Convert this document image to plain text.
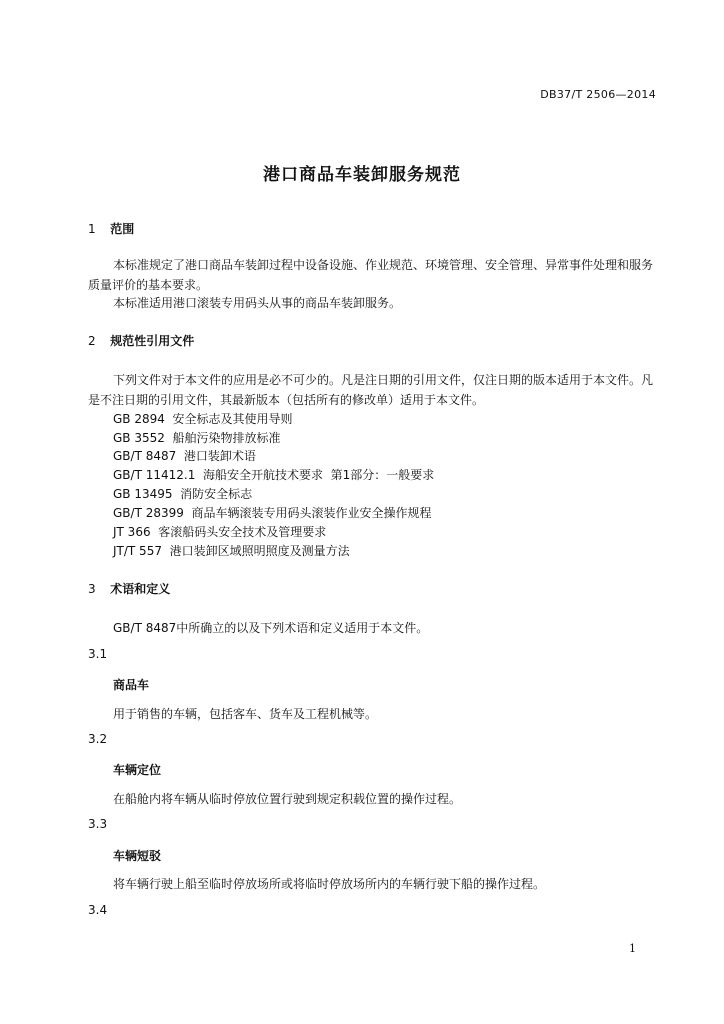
DB37/T 2506—2014
港口商品车装卸服务规范
1 范围
本标准规定了港口商品车装卸过程中设备设施、作业规范、环境管理、安全管理、异常事件处理和服务质量评价的基本要求。
本标准适用港口滚装专用码头从事的商品车装卸服务。
2 规范性引用文件
下列文件对于本文件的应用是必不可少的。凡是注日期的引用文件，仅注日期的版本适用于本文件。凡是不注日期的引用文件，其最新版本（包括所有的修改单）适用于本文件。
GB 2894  安全标志及其使用导则
GB 3552  船舶污染物排放标准
GB/T 8487  港口装卸术语
GB/T 11412.1  海船安全开航技术要求  第1部分：一般要求
GB 13495  消防安全标志
GB/T 28399  商品车辆滚装专用码头滚装作业安全操作规程
JT 366  客滚船码头安全技术及管理要求
JT/T 557  港口装卸区域照明照度及测量方法
3 术语和定义
GB/T 8487中所确立的以及下列术语和定义适用于本文件。
3.1
商品车
用于销售的车辆，包括客车、货车及工程机械等。
3.2
车辆定位
在船舱内将车辆从临时停放位置行驶到规定积载位置的操作过程。
3.3
车辆短驳
将车辆行驶上船至临时停放场所或将临时停放场所内的车辆行驶下船的操作过程。
3.4
1
